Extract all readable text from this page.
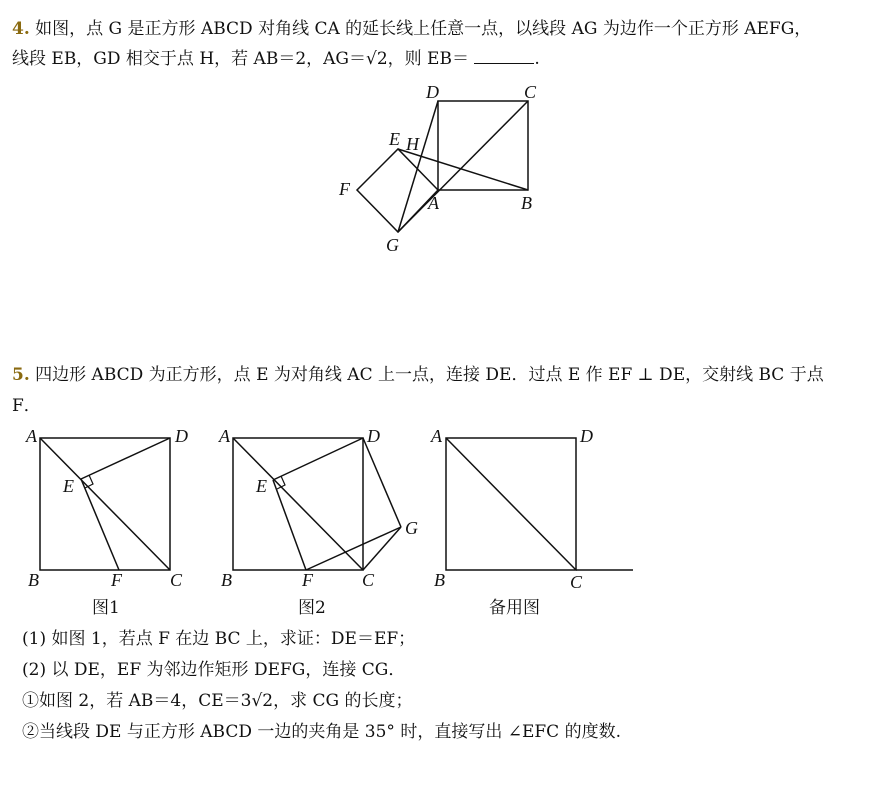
4. 如图，点 G 是正方形 ABCD 对角线 CA 的延长线上任意一点，以线段 AG 为边作一个正方形 AEFG，
线段 EB，GD 相交于点 H，若 AB＝2，AG＝√2，则 EB＝	.
D	C
E H
F
A	B
G
5. 四边形 ABCD 为正方形，点 E 为对角线 AC 上一点，连接 DE．过点 E 作 EF ⊥ DE，交射线 BC 于点
F．
A	D
E
B	F	C
图1
A	D
E
G
B	F	C
图2
A	D
B	C
备用图
(1) 如图 1，若点 F 在边 BC 上，求证：DE＝EF；
(2) 以 DE，EF 为邻边作矩形 DEFG，连接 CG．
①如图 2，若 AB＝4，CE＝3√2，求 CG 的长度；
②当线段 DE 与正方形 ABCD 一边的夹角是 35° 时，直接写出 ∠EFC 的度数.
